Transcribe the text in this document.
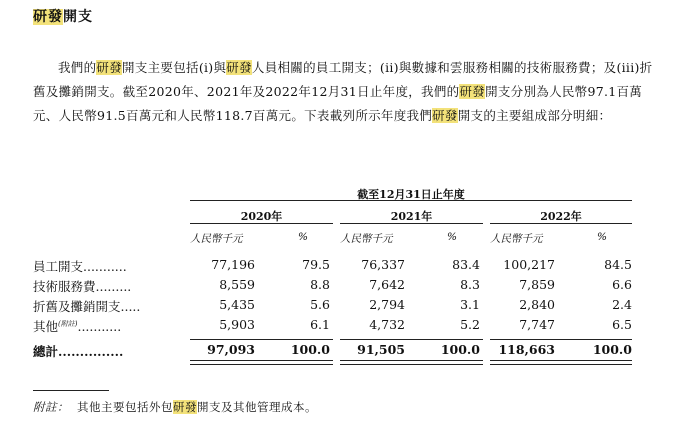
研發開支
我們的研發開支主要包括(i)與研發人員相關的員工開支；(ii)與數據和雲服務相關的技術服務費；及(iii)折舊及攤銷開支。截至2020年、2021年及2022年12月31日止年度，我們的研發開支分別為人民幣97.1百萬元、人民幣91.5百萬元和人民幣118.7百萬元。下表載列所示年度我們研發開支的主要組成部分明細：
截至12月31日止年度
2020年	2021年	2022年
人民幣千元	%	人民幣千元	%	人民幣千元	%
員工開支...........	77,196	79.5	76,337	83.4	100,217	84.5
技術服務費.........	8,559	8.8	7,642	8.3	7,859	6.6
折舊及攤銷開支.....	5,435	5.6	2,794	3.1	2,840	2.4
其他$^{(附註)}$...........	5,903	6.1	4,732	5.2	7,747	6.5
總計...............	97,093	100.0	91,505	100.0	118,663	100.0
附註： 其他主要包括外包研發開支及其他管理成本。
